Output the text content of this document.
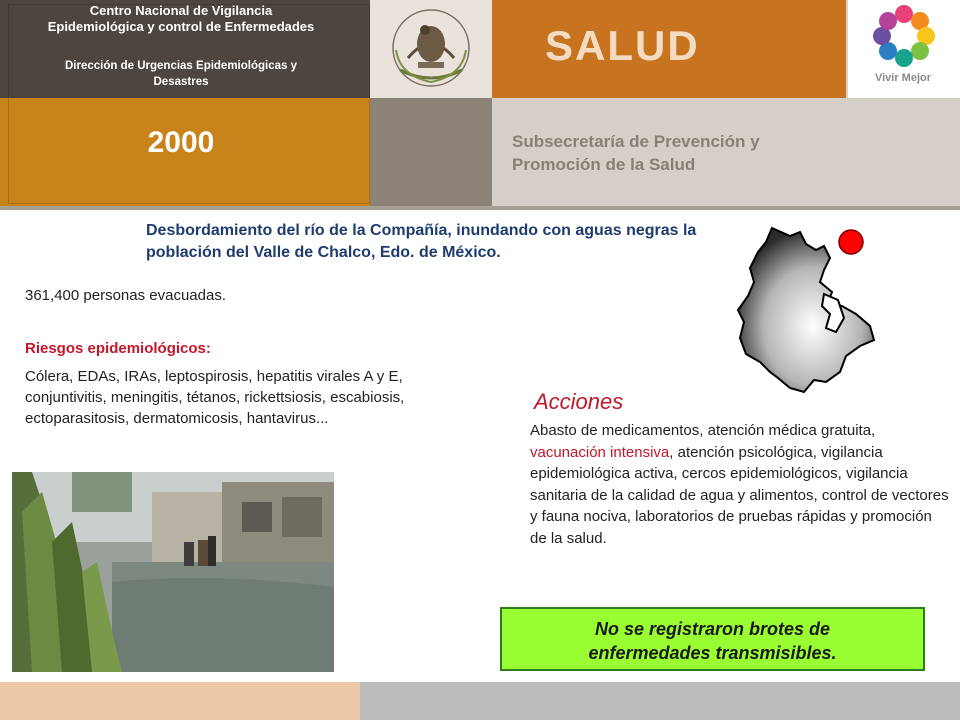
Centro Nacional de Vigilancia
Epidemiológica y control de Enfermedades
Dirección de Urgencias Epidemiológicas y
Desastres
2000
SALUD
Subsecretaría de Prevención y
Promoción de la Salud
Vivir Mejor
Desbordamiento del río de la Compañía, inundando con aguas negras la población del Valle de Chalco, Edo. de México.
361,400 personas evacuadas.
Riesgos epidemiológicos:
Cólera, EDAs, IRAs, leptospirosis, hepatitis virales A y E, conjuntivitis, meningitis, tétanos, rickettsiosis, escabiosis, ectoparasitosis, dermatomicosis, hantavirus...
Acciones
Abasto de medicamentos, atención médica gratuita, vacunación intensiva, atención psicológica, vigilancia epidemiológica activa, cercos epidemiológicos, vigilancia sanitaria de la calidad de agua y alimentos, control de vectores y fauna nociva, laboratorios de pruebas rápidas y promoción de la salud.
No se registraron brotes de
enfermedades transmisibles.
